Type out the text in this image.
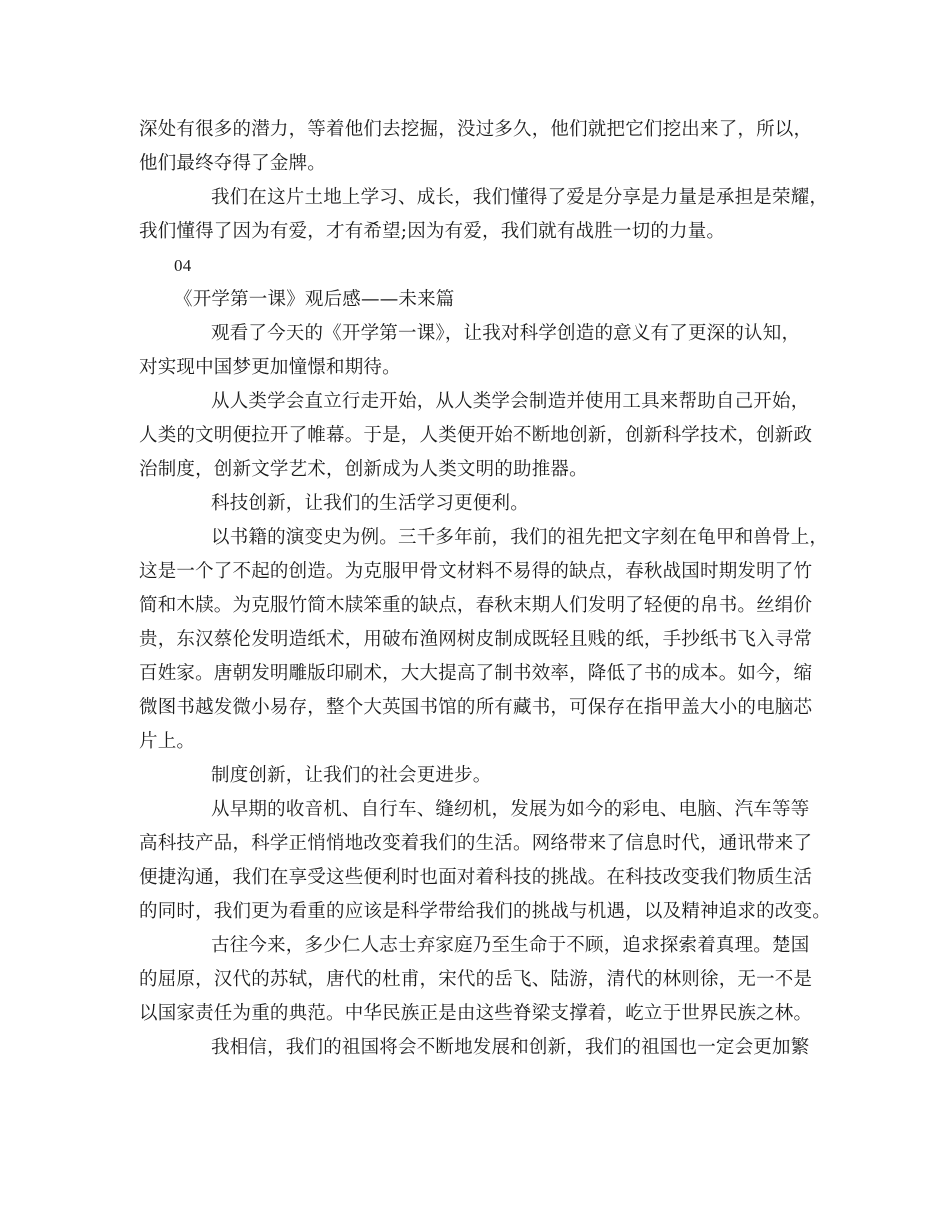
深处有很多的潜力，等着他们去挖掘，没过多久，他们就把它们挖出来了，所以，
他们最终夺得了金牌。
我们在这片土地上学习、成长，我们懂得了爱是分享是力量是承担是荣耀，
我们懂得了因为有爱，才有希望;因为有爱，我们就有战胜一切的力量。
04
《开学第一课》观后感——未来篇
观看了今天的《开学第一课》，让我对科学创造的意义有了更深的认知，
对实现中国梦更加憧憬和期待。
从人类学会直立行走开始，从人类学会制造并使用工具来帮助自己开始，
人类的文明便拉开了帷幕。于是，人类便开始不断地创新，创新科学技术，创新政
治制度，创新文学艺术，创新成为人类文明的助推器。
科技创新，让我们的生活学习更便利。
以书籍的演变史为例。三千多年前，我们的祖先把文字刻在龟甲和兽骨上，
这是一个了不起的创造。为克服甲骨文材料不易得的缺点，春秋战国时期发明了竹
简和木牍。为克服竹简木牍笨重的缺点，春秋末期人们发明了轻便的帛书。丝绢价
贵，东汉蔡伦发明造纸术，用破布渔网树皮制成既轻且贱的纸，手抄纸书飞入寻常
百姓家。唐朝发明雕版印刷术，大大提高了制书效率，降低了书的成本。如今，缩
微图书越发微小易存，整个大英国书馆的所有藏书，可保存在指甲盖大小的电脑芯
片上。
制度创新，让我们的社会更进步。
从早期的收音机、自行车、缝纫机，发展为如今的彩电、电脑、汽车等等
高科技产品，科学正悄悄地改变着我们的生活。网络带来了信息时代，通讯带来了
便捷沟通，我们在享受这些便利时也面对着科技的挑战。在科技改变我们物质生活
的同时，我们更为看重的应该是科学带给我们的挑战与机遇，以及精神追求的改变。
古往今来，多少仁人志士弃家庭乃至生命于不顾，追求探索着真理。楚国
的屈原，汉代的苏轼，唐代的杜甫，宋代的岳飞、陆游，清代的林则徐，无一不是
以国家责任为重的典范。中华民族正是由这些脊梁支撑着，屹立于世界民族之林。
我相信，我们的祖国将会不断地发展和创新，我们的祖国也一定会更加繁
